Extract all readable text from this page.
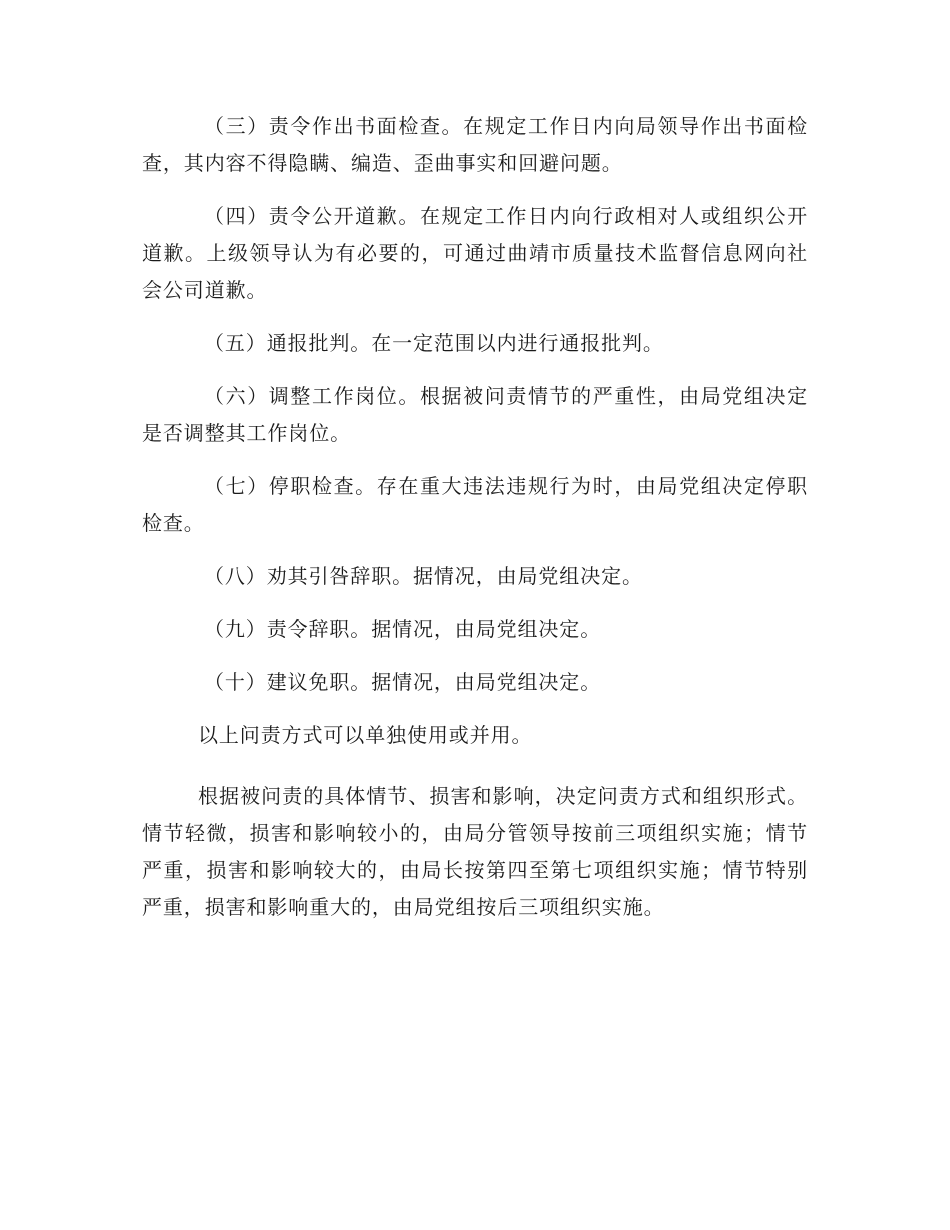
（三）责令作出书面检查。在规定工作日内向局领导作出书面检查，其内容不得隐瞒、编造、歪曲事实和回避问题。

（四）责令公开道歉。在规定工作日内向行政相对人或组织公开道歉。上级领导认为有必要的，可通过曲靖市质量技术监督信息网向社会公司道歉。

（五）通报批判。在一定范围以内进行通报批判。

（六）调整工作岗位。根据被问责情节的严重性，由局党组决定是否调整其工作岗位。

（七）停职检查。存在重大违法违规行为时，由局党组决定停职检查。

（八）劝其引咎辞职。据情况，由局党组决定。

（九）责令辞职。据情况，由局党组决定。

（十）建议免职。据情况，由局党组决定。

以上问责方式可以单独使用或并用。

根据被问责的具体情节、损害和影响，决定问责方式和组织形式。情节轻微，损害和影响较小的，由局分管领导按前三项组织实施；情节严重，损害和影响较大的，由局长按第四至第七项组织实施；情节特别严重，损害和影响重大的，由局党组按后三项组织实施。
